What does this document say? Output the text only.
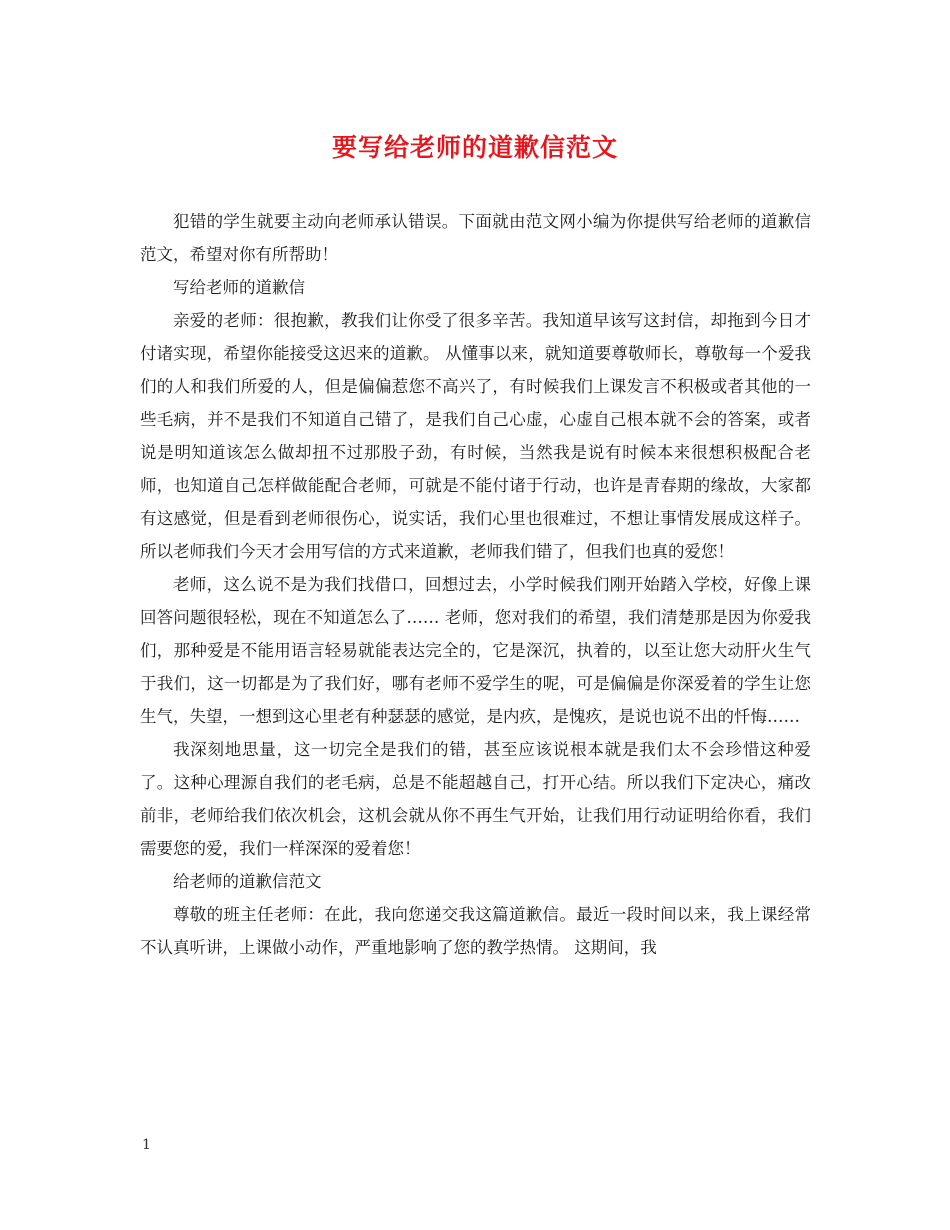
要写给老师的道歉信范文

犯错的学生就要主动向老师承认错误。下面就由范文网小编为你提供写给老师的道歉信范文，希望对你有所帮助！

写给老师的道歉信

亲爱的老师：很抱歉，教我们让你受了很多辛苦。我知道早该写这封信，却拖到今日才付诸实现，希望你能接受这迟来的道歉。 从懂事以来，就知道要尊敬师长，尊敬每一个爱我们的人和我们所爱的人，但是偏偏惹您不高兴了，有时候我们上课发言不积极或者其他的一些毛病，并不是我们不知道自己错了，是我们自己心虚，心虚自己根本就不会的答案，或者说是明知道该怎么做却扭不过那股子劲，有时候，当然我是说有时候本来很想积极配合老师，也知道自己怎样做能配合老师，可就是不能付诸于行动，也许是青春期的缘故，大家都有这感觉，但是看到老师很伤心，说实话，我们心里也很难过，不想让事情发展成这样子。所以老师我们今天才会用写信的方式来道歉，老师我们错了，但我们也真的爱您！

老师，这么说不是为我们找借口，回想过去，小学时候我们刚开始踏入学校，好像上课回答问题很轻松，现在不知道怎么了…… 老师，您对我们的希望，我们清楚那是因为你爱我们，那种爱是不能用语言轻易就能表达完全的，它是深沉，执着的，以至让您大动肝火生气于我们，这一切都是为了我们好，哪有老师不爱学生的呢，可是偏偏是你深爱着的学生让您生气，失望，一想到这心里老有种瑟瑟的感觉，是内疚，是愧疚，是说也说不出的忏悔……

我深刻地思量，这一切完全是我们的错，甚至应该说根本就是我们太不会珍惜这种爱了。这种心理源自我们的老毛病，总是不能超越自己，打开心结。所以我们下定决心，痛改前非，老师给我们依次机会，这机会就从你不再生气开始，让我们用行动证明给你看，我们需要您的爱，我们一样深深的爱着您！

给老师的道歉信范文

尊敬的班主任老师：在此，我向您递交我这篇道歉信。最近一段时间以来，我上课经常不认真听讲，上课做小动作，严重地影响了您的教学热情。 这期间，我

1
